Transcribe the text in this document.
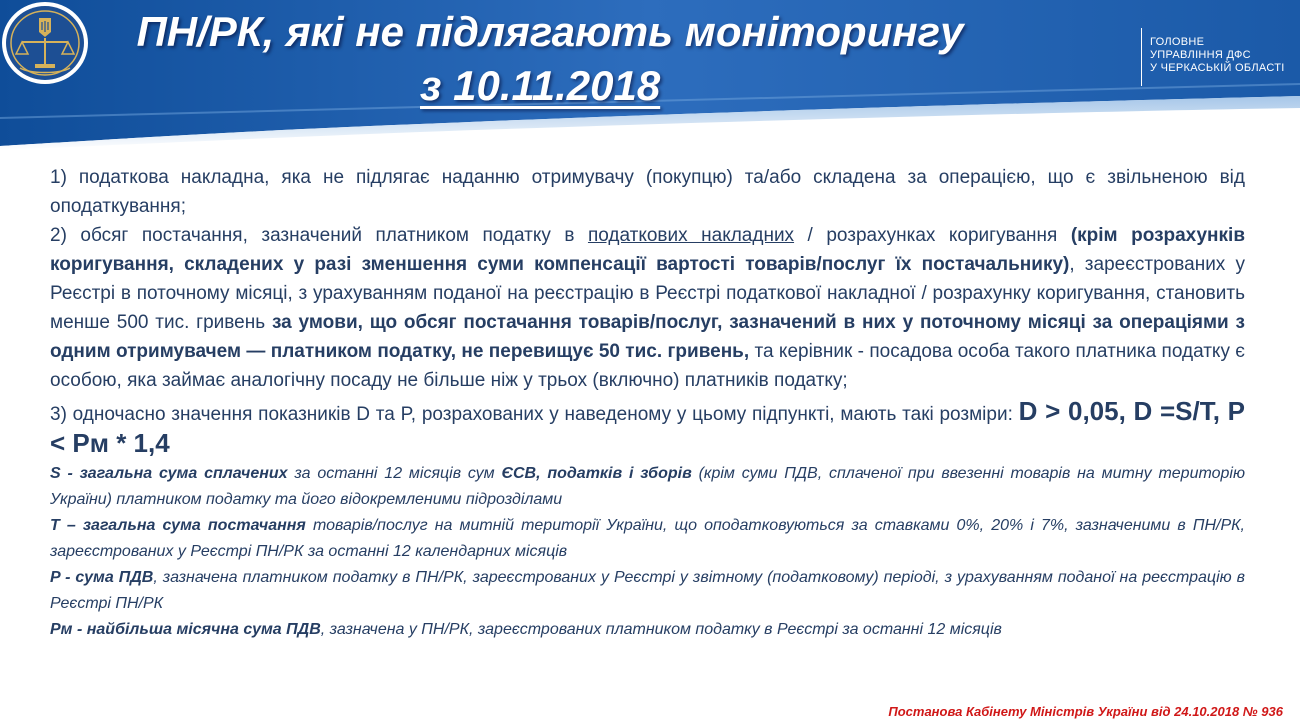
ПН/РК, які не підлягають моніторингу
з 10.11.2018
ГОЛОВНЕ
УПРАВЛІННЯ ДФС
У ЧЕРКАСЬКІЙ ОБЛАСТІ

1) податкова накладна, яка не підлягає наданню отримувачу (покупцю) та/або складена за операцією, що є звільненою від оподаткування;

2) обсяг постачання, зазначений платником податку в податкових накладних / розрахунках коригування (крім розрахунків коригування, складених у разі зменшення суми компенсації вартості товарів/послуг їх постачальнику), зареєстрованих у Реєстрі в поточному місяці, з урахуванням поданої на реєстрацію в Реєстрі податкової накладної / розрахунку коригування, становить менше 500 тис. гривень за умови, що обсяг постачання товарів/послуг, зазначений в них у поточному місяці за операціями з одним отримувачем — платником податку, не перевищує 50 тис. гривень, та керівник - посадова особа такого платника податку є особою, яка займає аналогічну посаду не більше ніж у трьох (включно) платників податку;

3) одночасно значення показників D та P, розрахованих у наведеному у цьому підпункті, мають такі розміри: D > 0,05, D =S/T, P < Pм * 1,4

S - загальна сума сплачених за останні 12 місяців сум ЄСВ, податків і зборів (крім суми ПДВ, сплаченої при ввезенні товарів на митну територію України) платником податку та його відокремленими підрозділами

T – загальна сума постачання товарів/послуг на митній території України, що оподатковуються за ставками 0%, 20% і 7%, зазначеними в ПН/РК, зареєстрованих у Реєстрі ПН/РК за останні 12 календарних місяців

P - сума ПДВ, зазначена платником податку в ПН/РК, зареєстрованих у Реєстрі у звітному (податковому) періоді, з урахуванням поданої на реєстрацію в Реєстрі ПН/РК

Pм - найбільша місячна сума ПДВ, зазначена у ПН/РК, зареєстрованих платником податку в Реєстрі за останні 12 місяців

Постанова Кабінету Міністрів України від 24.10.2018 № 936
